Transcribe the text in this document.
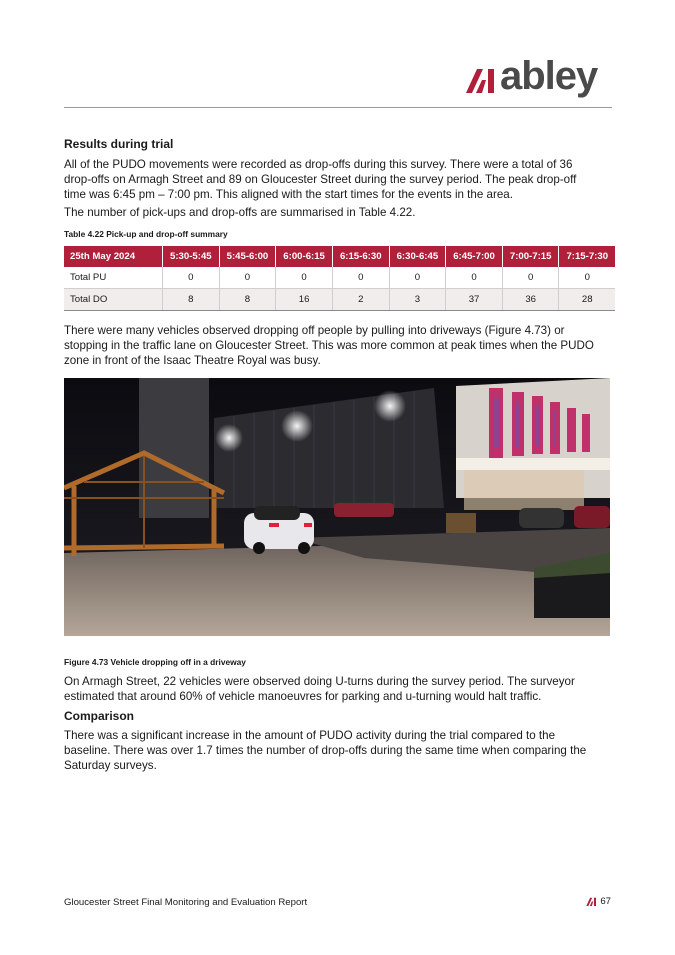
abley
Results during trial
All of the PUDO movements were recorded as drop-offs during this survey. There were a total of 36
drop-offs on Armagh Street and 89 on Gloucester Street during the survey period. The peak drop-off
time was 6:45 pm – 7:00 pm. This aligned with the start times for the events in the area.
The number of pick-ups and drop-offs are summarised in Table 4.22.
Table 4.22 Pick-up and drop-off summary
25th May 2024	5:30-5:45	5:45-6:00	6:00-6:15	6:15-6:30	6:30-6:45	6:45-7:00	7:00-7:15	7:15-7:30
Total PU	0	0	0	0	0	0	0	0
Total DO	8	8	16	2	3	37	36	28
There were many vehicles observed dropping off people by pulling into driveways (Figure 4.73) or
stopping in the traffic lane on Gloucester Street. This was more common at peak times when the PUDO
zone in front of the Isaac Theatre Royal was busy.
Figure 4.73 Vehicle dropping off in a driveway
On Armagh Street, 22 vehicles were observed doing U-turns during the survey period. The surveyor
estimated that around 60% of vehicle manoeuvres for parking and u-turning would halt traffic.
Comparison
There was a significant increase in the amount of PUDO activity during the trial compared to the
baseline. There was over 1.7 times the number of drop-offs during the same time when comparing the
Saturday surveys.
Gloucester Street Final Monitoring and Evaluation Report	67
